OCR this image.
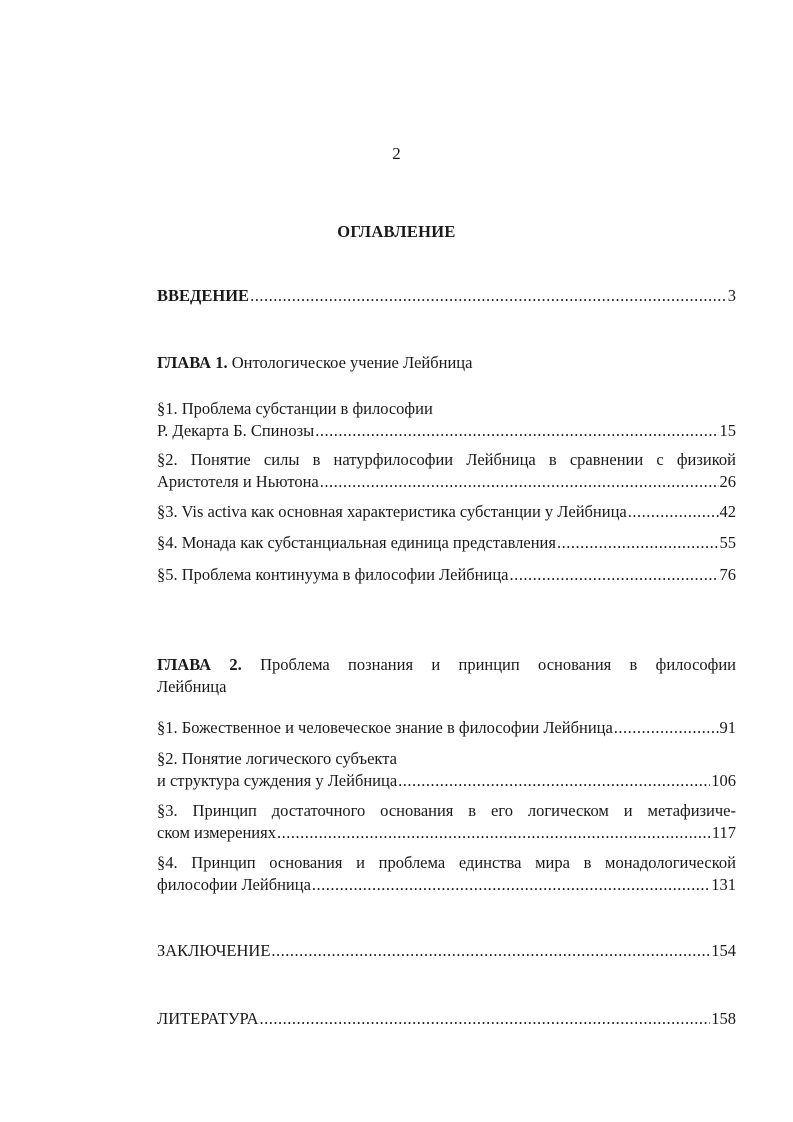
2
ОГЛАВЛЕНИЕ
ВВЕДЕНИЕ .....	3
ГЛАВА 1. Онтологическое учение Лейбница
§1. Проблема субстанции в философии
Р. Декарта Б. Спинозы .....	15
§2. Понятие силы в натурфилософии Лейбница в сравнении с физикой
Аристотеля и Ньютона .....	26
§3. Vis activa как основная характеристика субстанции у Лейбница .....	42
§4. Монада как субстанциальная единица представления .....	55
§5. Проблема континуума в философии Лейбница .....	76
ГЛАВА 2. Проблема познания и принцип основания в философии
Лейбница
§1. Божественное и человеческое знание в философии Лейбница .....	91
§2. Понятие логического субъекта
и структура суждения у Лейбница .....	106
§3. Принцип достаточного основания в его логическом и метафизиче-
ском измерениях .....	117
§4. Принцип основания и проблема единства мира в монадологической
философии Лейбница .....	131
ЗАКЛЮЧЕНИЕ .....	154
ЛИТЕРАТУРА .....	158
